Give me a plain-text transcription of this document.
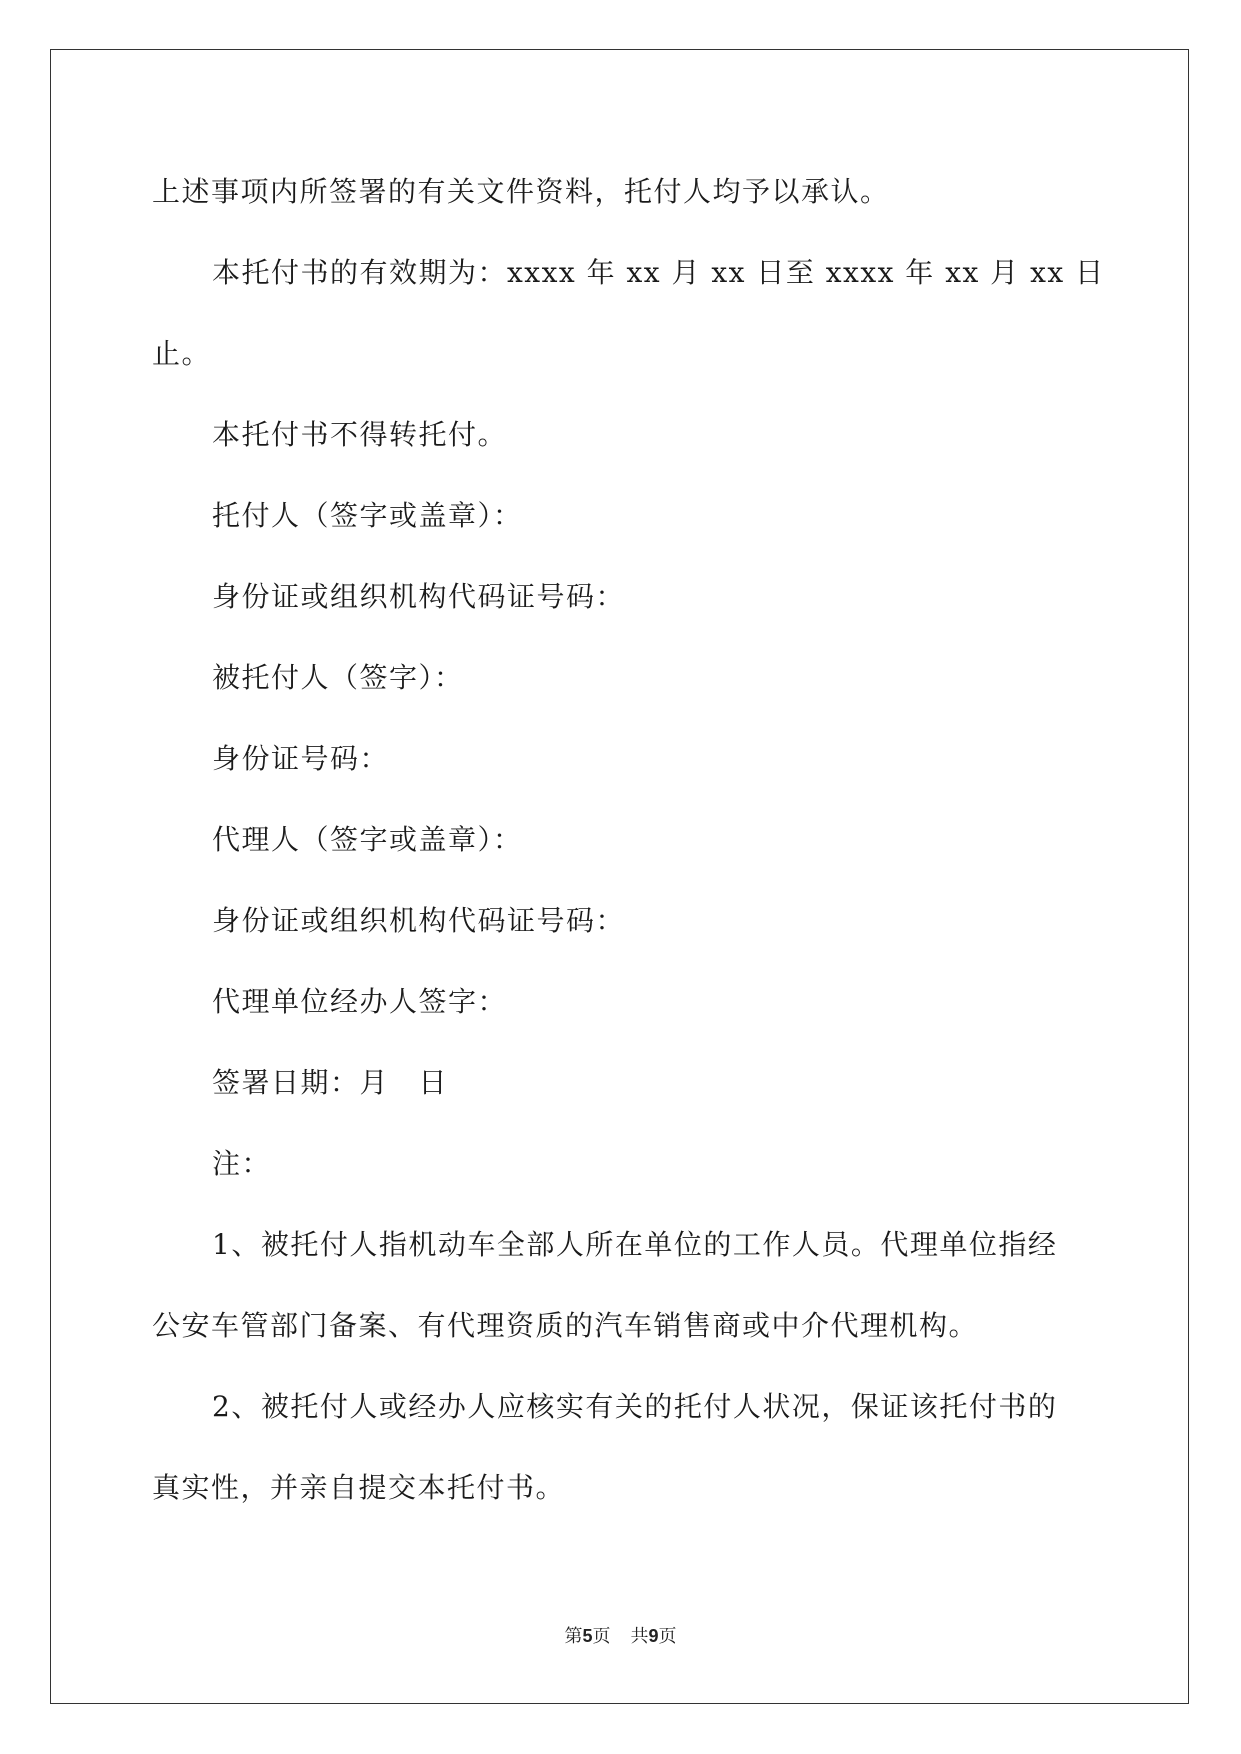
上述事项内所签署的有关文件资料，托付人均予以承认。
本托付书的有效期为：xxxx 年 xx 月 xx 日至 xxxx 年 xx 月 xx 日
止。
本托付书不得转托付。
托付人（签字或盖章）：
身份证或组织机构代码证号码：
被托付人（签字）：
身份证号码：
代理人（签字或盖章）：
身份证或组织机构代码证号码：
代理单位经办人签字：
签署日期：月　日
注：
1、被托付人指机动车全部人所在单位的工作人员。代理单位指经
公安车管部门备案、有代理资质的汽车销售商或中介代理机构。
2、被托付人或经办人应核实有关的托付人状况，保证该托付书的
真实性，并亲自提交本托付书。
第5页 共9页
